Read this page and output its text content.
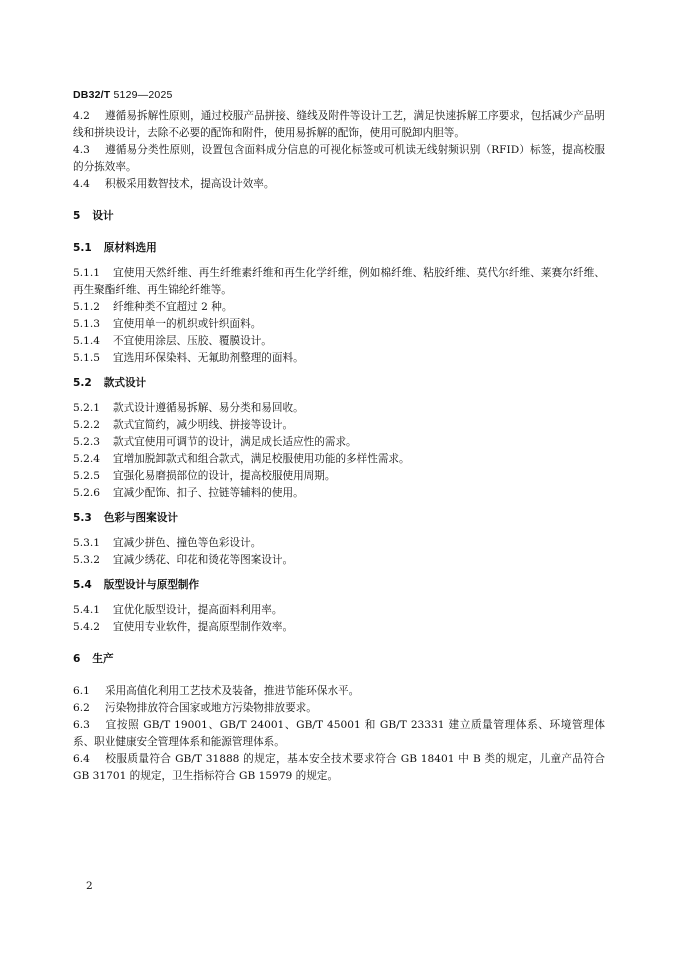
DB32/T 5129—2025

4.2 遵循易拆解性原则，通过校服产品拼接、缝线及附件等设计工艺，满足快速拆解工序要求，包括减少产品明线和拼块设计，去除不必要的配饰和附件，使用易拆解的配饰，使用可脱卸内胆等。

4.3 遵循易分类性原则，设置包含面料成分信息的可视化标签或可机读无线射频识别（RFID）标签，提高校服的分拣效率。

4.4 积极采用数智技术，提高设计效率。

5 设计

5.1 原材料选用

5.1.1 宜使用天然纤维、再生纤维素纤维和再生化学纤维，例如棉纤维、粘胶纤维、莫代尔纤维、莱赛尔纤维、再生聚酯纤维、再生锦纶纤维等。

5.1.2 纤维种类不宜超过 2 种。

5.1.3 宜使用单一的机织或针织面料。

5.1.4 不宜使用涂层、压胶、覆膜设计。

5.1.5 宜选用环保染料、无氟助剂整理的面料。

5.2 款式设计

5.2.1 款式设计遵循易拆解、易分类和易回收。

5.2.2 款式宜简约，减少明线、拼接等设计。

5.2.3 款式宜使用可调节的设计，满足成长适应性的需求。

5.2.4 宜增加脱卸款式和组合款式，满足校服使用功能的多样性需求。

5.2.5 宜强化易磨损部位的设计，提高校服使用周期。

5.2.6 宜减少配饰、扣子、拉链等辅料的使用。

5.3 色彩与图案设计

5.3.1 宜减少拼色、撞色等色彩设计。

5.3.2 宜减少绣花、印花和烫花等图案设计。

5.4 版型设计与原型制作

5.4.1 宜优化版型设计，提高面料利用率。

5.4.2 宜使用专业软件，提高原型制作效率。

6 生产

6.1 采用高值化利用工艺技术及装备，推进节能环保水平。

6.2 污染物排放符合国家或地方污染物排放要求。

6.3 宜按照 GB/T 19001、GB/T 24001、GB/T 45001 和 GB/T 23331 建立质量管理体系、环境管理体系、职业健康安全管理体系和能源管理体系。

6.4 校服质量符合 GB/T 31888 的规定，基本安全技术要求符合 GB 18401 中 B 类的规定，儿童产品符合 GB 31701 的规定，卫生指标符合 GB 15979 的规定。

2
